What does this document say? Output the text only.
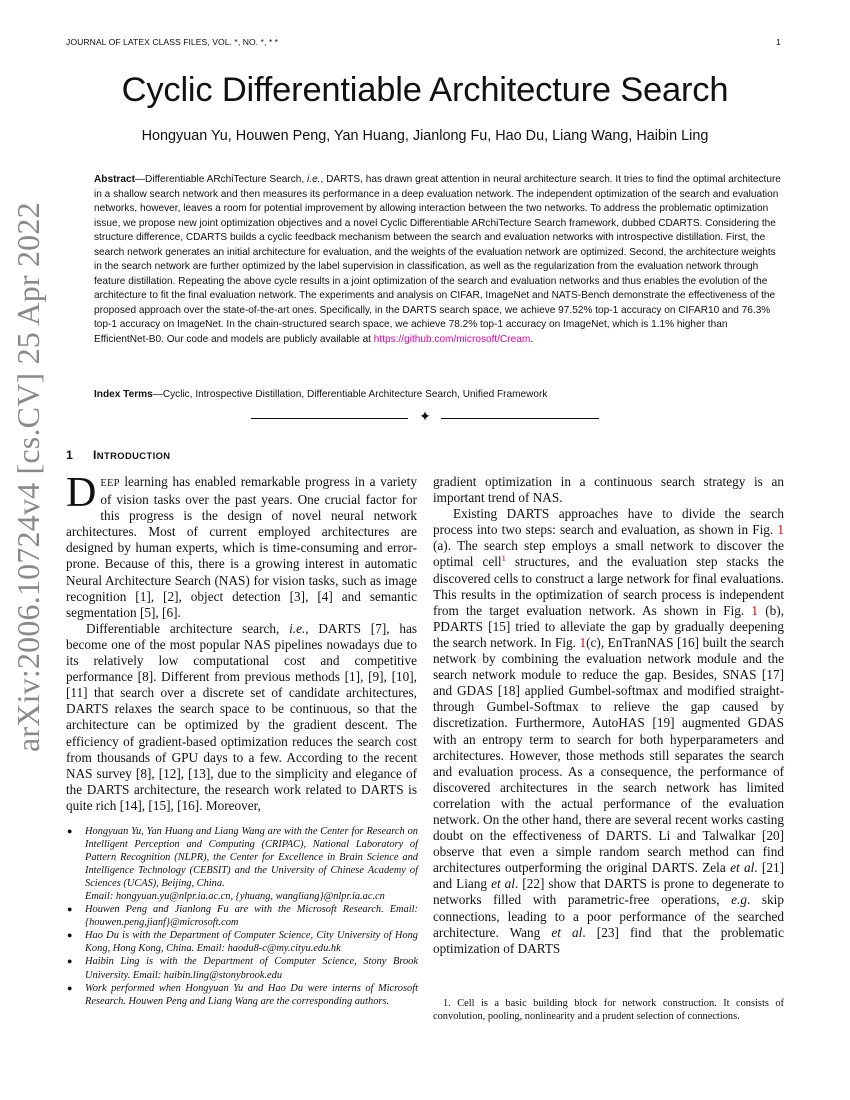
JOURNAL OF LATEX CLASS FILES, VOL. *, NO. *, * *	1
arXiv:2006.10724v4 [cs.CV] 25 Apr 2022
Cyclic Differentiable Architecture Search
Hongyuan Yu, Houwen Peng, Yan Huang, Jianlong Fu, Hao Du, Liang Wang, Haibin Ling
Abstract—Differentiable ARchiTecture Search, i.e., DARTS, has drawn great attention in neural architecture search. It tries to find the optimal architecture in a shallow search network and then measures its performance in a deep evaluation network. The independent optimization of the search and evaluation networks, however, leaves a room for potential improvement by allowing interaction between the two networks. To address the problematic optimization issue, we propose new joint optimization objectives and a novel Cyclic Differentiable ARchiTecture Search framework, dubbed CDARTS. Considering the structure difference, CDARTS builds a cyclic feedback mechanism between the search and evaluation networks with introspective distillation. First, the search network generates an initial architecture for evaluation, and the weights of the evaluation network are optimized. Second, the architecture weights in the search network are further optimized by the label supervision in classification, as well as the regularization from the evaluation network through feature distillation. Repeating the above cycle results in a joint optimization of the search and evaluation networks and thus enables the evolution of the architecture to fit the final evaluation network. The experiments and analysis on CIFAR, ImageNet and NATS-Bench demonstrate the effectiveness of the proposed approach over the state-of-the-art ones. Specifically, in the DARTS search space, we achieve 97.52% top-1 accuracy on CIFAR10 and 76.3% top-1 accuracy on ImageNet. In the chain-structured search space, we achieve 78.2% top-1 accuracy on ImageNet, which is 1.1% higher than EfficientNet-B0. Our code and models are publicly available at https://github.com/microsoft/Cream.
Index Terms—Cyclic, Introspective Distillation, Differentiable Architecture Search, Unified Framework
✦
1 INTRODUCTION

DEEP learning has enabled remarkable progress in a variety of vision tasks over the past years. One crucial factor for this progress is the design of novel neural network architectures. Most of current employed architectures are designed by human experts, which is time-consuming and error-prone. Because of this, there is a growing interest in automatic Neural Architecture Search (NAS) for vision tasks, such as image recognition [1], [2], object detection [3], [4] and semantic segmentation [5], [6].

Differentiable architecture search, i.e., DARTS [7], has become one of the most popular NAS pipelines nowadays due to its relatively low computational cost and competitive performance [8]. Different from previous methods [1], [9], [10], [11] that search over a discrete set of candidate architectures, DARTS relaxes the search space to be continuous, so that the architecture can be optimized by the gradient descent. The efficiency of gradient-based optimization reduces the search cost from thousands of GPU days to a few. According to the recent NAS survey [8], [12], [13], due to the simplicity and elegance of the DARTS architecture, the research work related to DARTS is quite rich [14], [15], [16]. Moreover,

gradient optimization in a continuous search strategy is an important trend of NAS.

Existing DARTS approaches have to divide the search process into two steps: search and evaluation, as shown in Fig. 1 (a). The search step employs a small network to discover the optimal cell$^1$ structures, and the evaluation step stacks the discovered cells to construct a large network for final evaluations. This results in the optimization of search process is independent from the target evaluation network. As shown in Fig. 1 (b), PDARTS [15] tried to alleviate the gap by gradually deepening the search network. In Fig. 1(c), EnTranNAS [16] built the search network by combining the evaluation network module and the search network module to reduce the gap. Besides, SNAS [17] and GDAS [18] applied Gumbel-softmax and modified straight-through Gumbel-Softmax to relieve the gap caused by discretization. Furthermore, AutoHAS [19] augmented GDAS with an entropy term to search for both hyperparameters and architectures. However, those methods still separates the search and evaluation process. As a consequence, the performance of discovered architectures in the search network has limited correlation with the actual performance of the evaluation network. On the other hand, there are several recent works casting doubt on the effectiveness of DARTS. Li and Talwalkar [20] observe that even a simple random search method can find architectures outperforming the original DARTS. Zela et al. [21] and Liang et al. [22] show that DARTS is prone to degenerate to networks filled with parametric-free operations, e.g. skip connections, leading to a poor performance of the searched architecture. Wang et al. [23] find that the problematic optimization of DARTS

● Hongyuan Yu, Yan Huang and Liang Wang are with the Center for Research on Intelligent Perception and Computing (CRIPAC), National Laboratory of Pattern Recognition (NLPR), the Center for Excellence in Brain Science and Intelligence Technology (CEBSIT) and the University of Chinese Academy of Sciences (UCAS), Beijing, China.
Email: hongyuan.yu@nlpr.ia.ac.cn, {yhuang, wangliang}@nlpr.ia.ac.cn
● Houwen Peng and Jianlong Fu are with the Microsoft Research. Email: {houwen.peng,jianf}@microsoft.com
● Hao Du is with the Department of Computer Science, City University of Hong Kong, Hong Kong, China. Email: haodu8-c@my.cityu.edu.hk
● Haibin Ling is with the Department of Computer Science, Stony Brook University. Email: haibin.ling@stonybrook.edu
● Work performed when Hongyuan Yu and Hao Du were interns of Microsoft Research. Houwen Peng and Liang Wang are the corresponding authors.	1. Cell is a basic building block for network construction. It consists of convolution, pooling, nonlinearity and a prudent selection of connections.
